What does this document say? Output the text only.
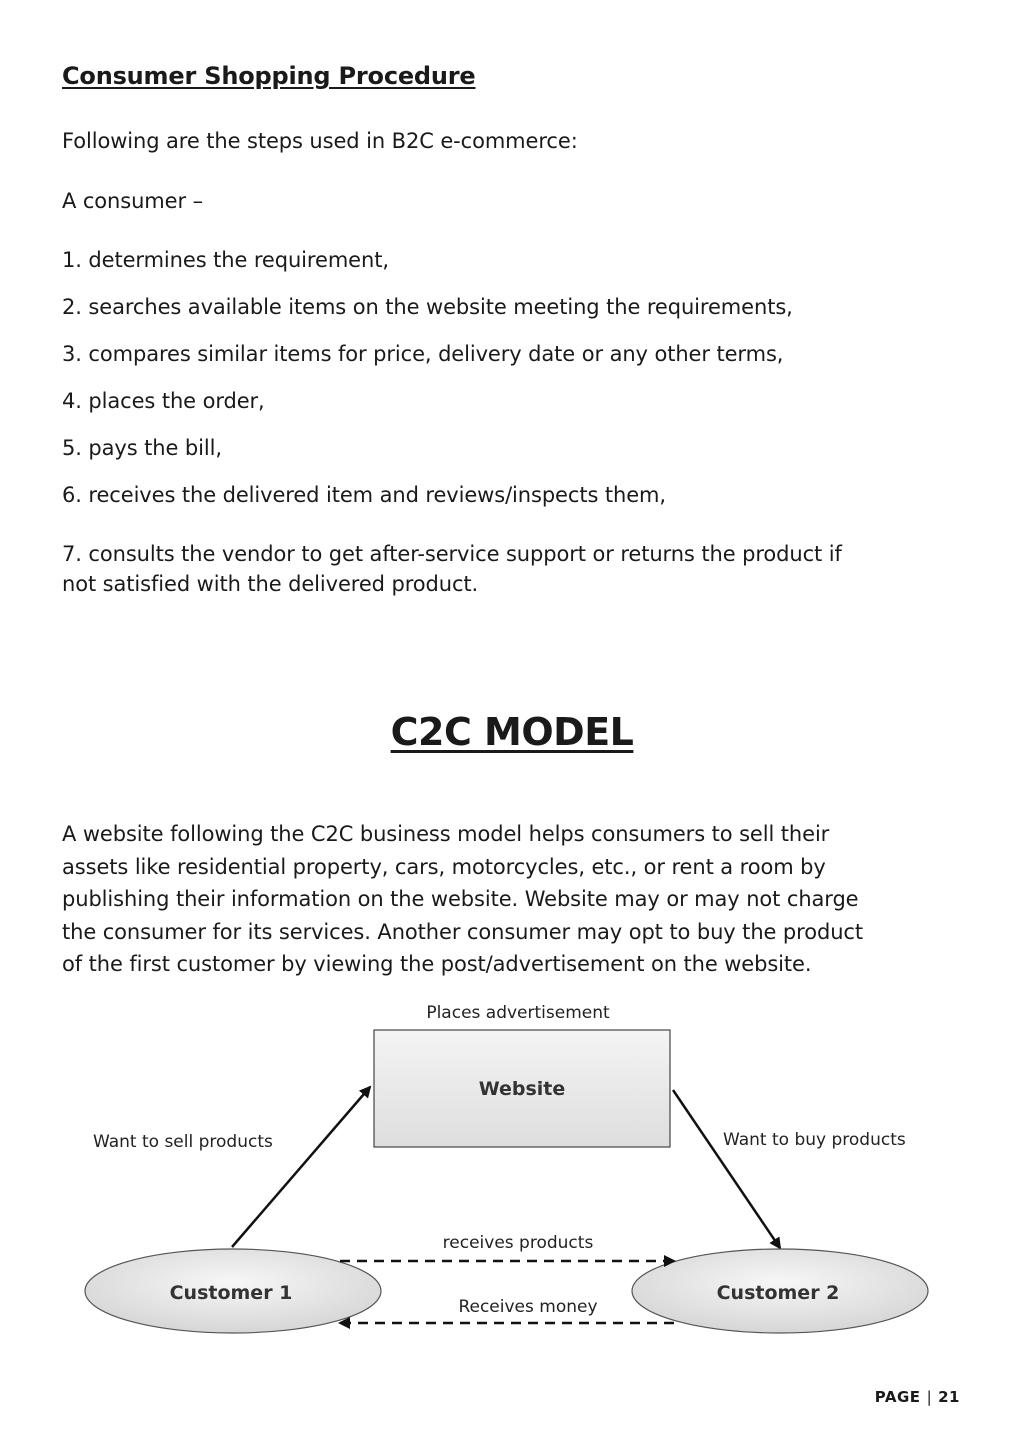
Consumer Shopping Procedure
Following are the steps used in B2C e-commerce:
A consumer –
1. determines the requirement,
2. searches available items on the website meeting the requirements,
3. compares similar items for price, delivery date or any other terms,
4. places the order,
5. pays the bill,
6. receives the delivered item and reviews/inspects them,
7. consults the vendor to get after-service support or returns the product if
not satisfied with the delivered product.
C2C MODEL
A website following the C2C business model helps consumers to sell their
assets like residential property, cars, motorcycles, etc., or rent a room by
publishing their information on the website. Website may or may not charge
the consumer for its services. Another consumer may opt to buy the product
of the first customer by viewing the post/advertisement on the website.
Places advertisement
Website
Want to sell products	Want to buy products
Customer 1	Customer 2
receives products
Receives money
PAGE | 21
